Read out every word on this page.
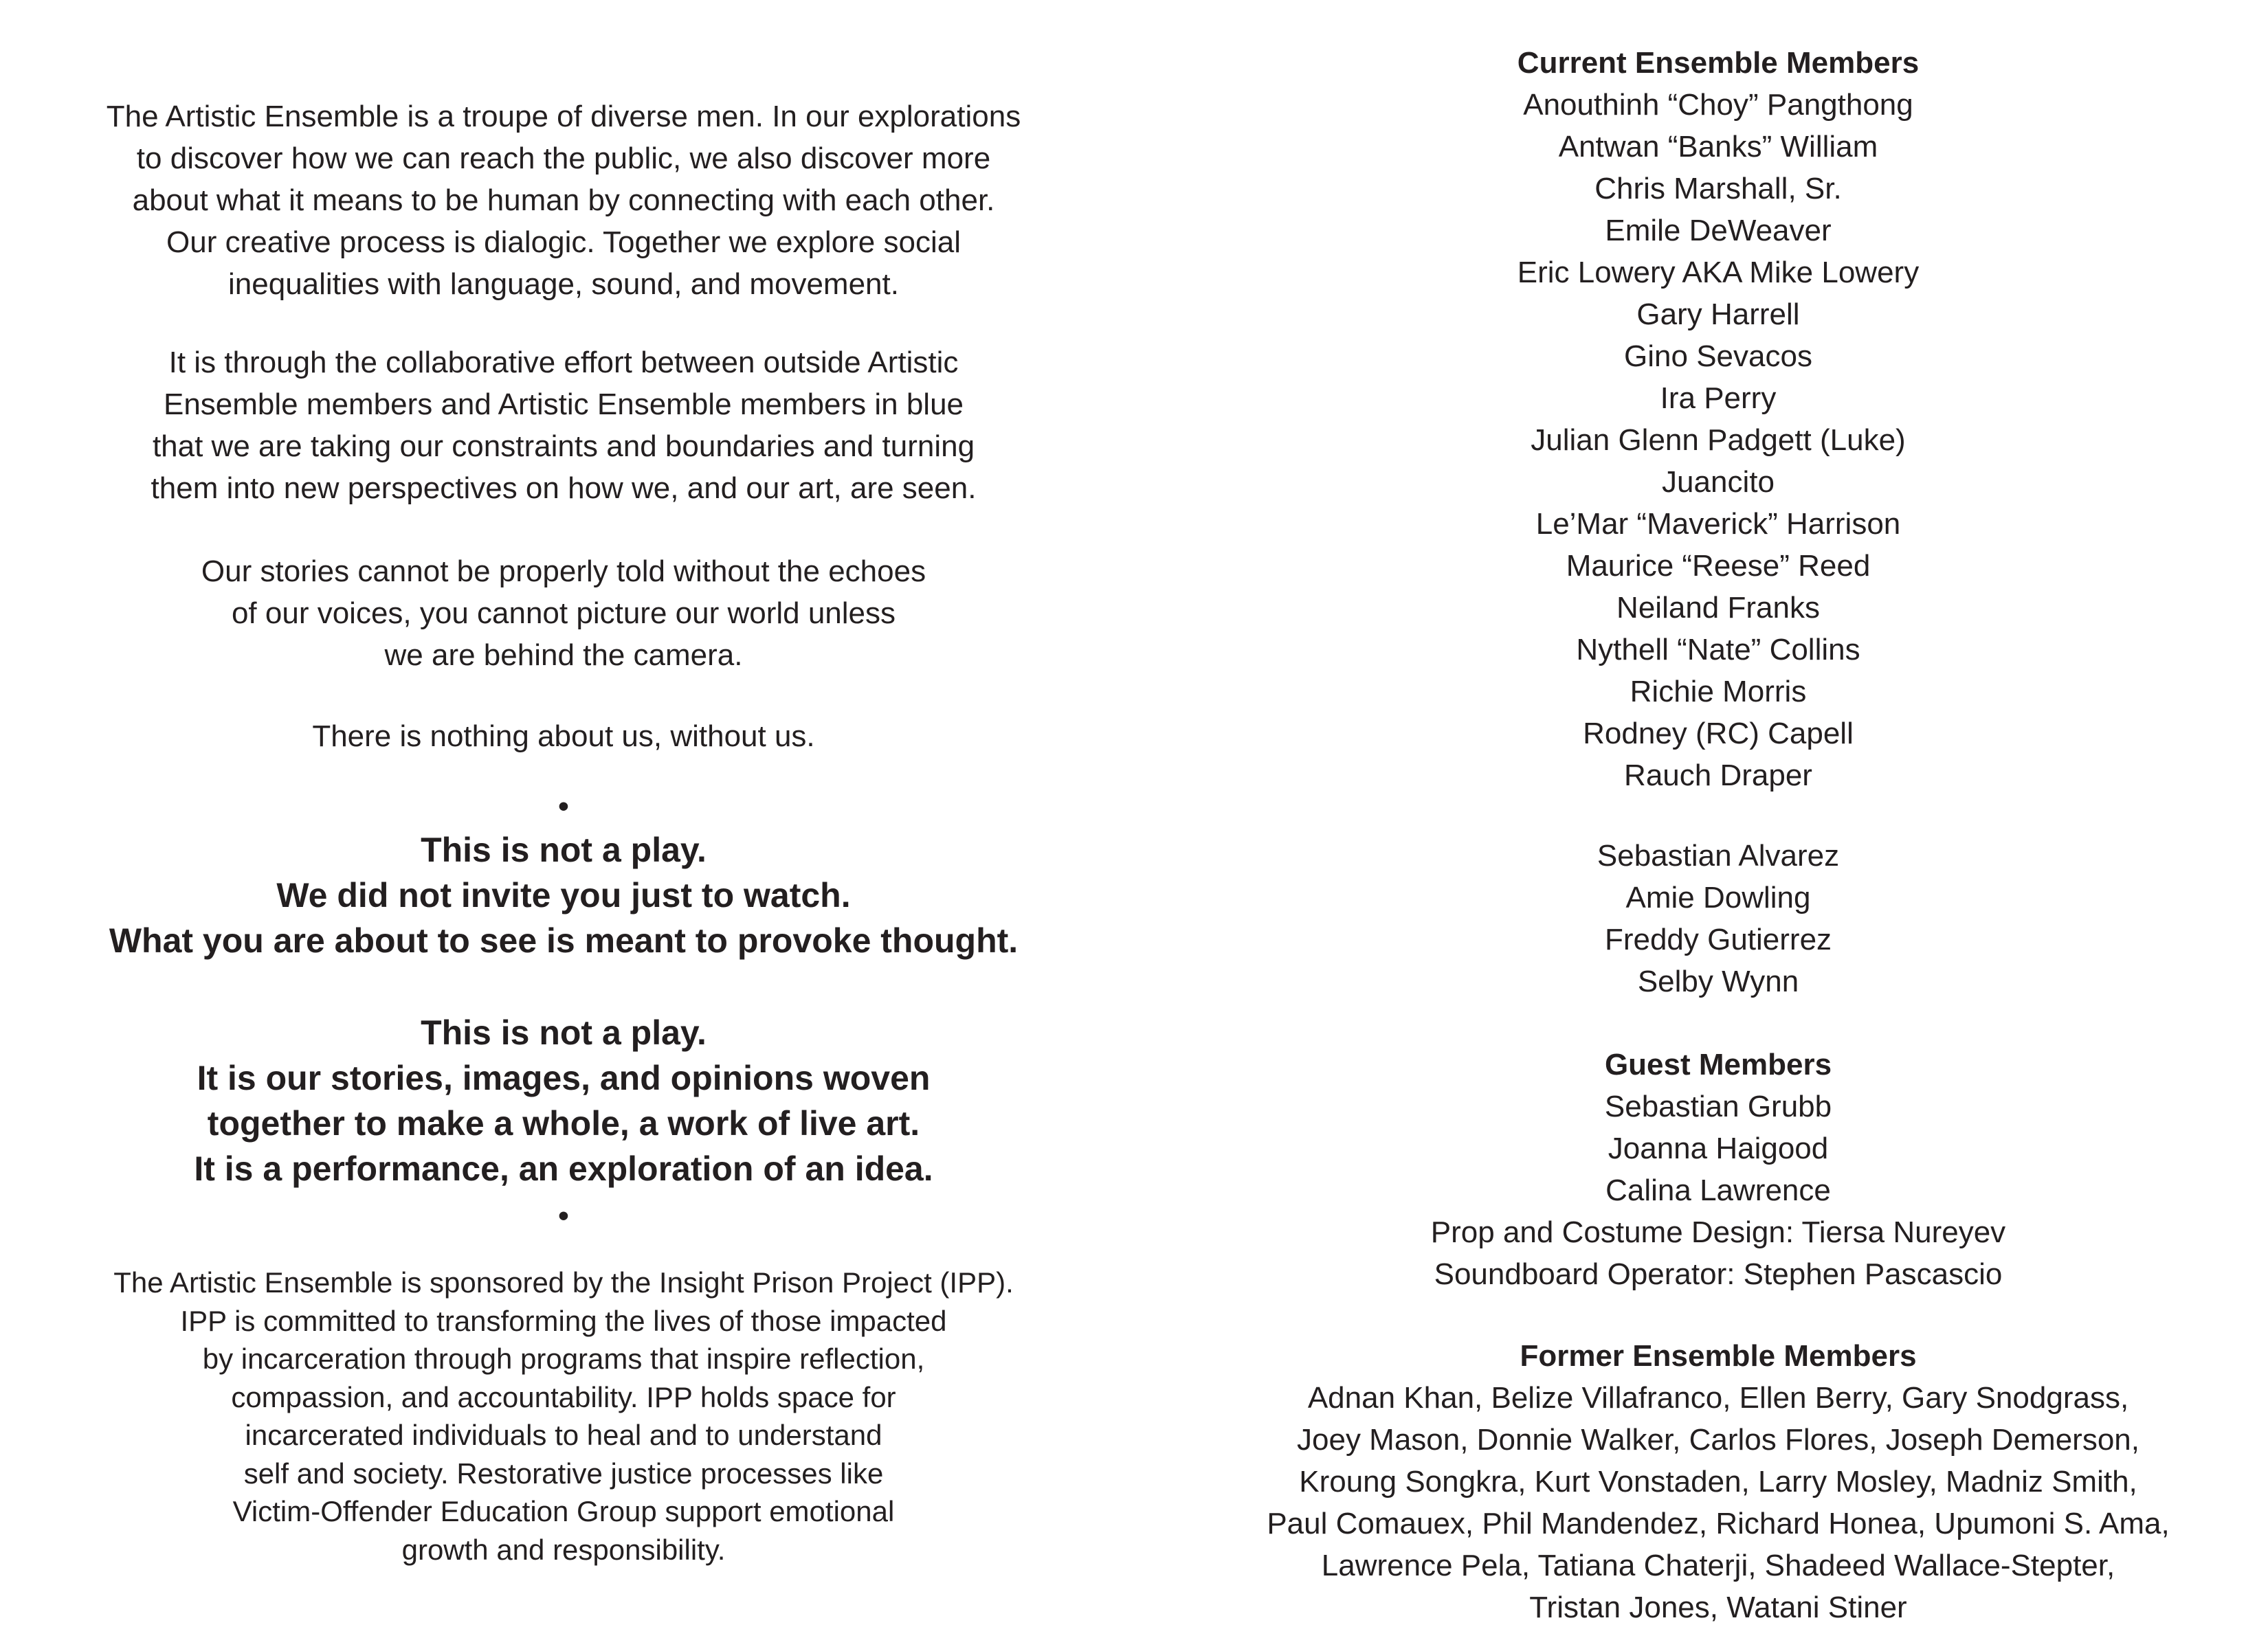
The Artistic Ensemble is a troupe of diverse men. In our explorations
to discover how we can reach the public, we also discover more
about what it means to be human by connecting with each other.
Our creative process is dialogic. Together we explore social
inequalities with language, sound, and movement.
It is through the collaborative effort between outside Artistic
Ensemble members and Artistic Ensemble members in blue
that we are taking our constraints and boundaries and turning
them into new perspectives on how we, and our art, are seen.
Our stories cannot be properly told without the echoes
of our voices, you cannot picture our world unless
we are behind the camera.
There is nothing about us, without us.
•
This is not a play.
We did not invite you just to watch.
What you are about to see is meant to provoke thought.
This is not a play.
It is our stories, images, and opinions woven
together to make a whole, a work of live art.
It is a performance, an exploration of an idea.
•
The Artistic Ensemble is sponsored by the Insight Prison Project (IPP).
IPP is committed to transforming the lives of those impacted
by incarceration through programs that inspire reflection,
compassion, and accountability. IPP holds space for
incarcerated individuals to heal and to understand
self and society. Restorative justice processes like
Victim-Offender Education Group support emotional
growth and responsibility.
Current Ensemble Members
Anouthinh “Choy” Pangthong
Antwan “Banks” William
Chris Marshall, Sr.
Emile DeWeaver
Eric Lowery AKA Mike Lowery
Gary Harrell
Gino Sevacos
Ira Perry
Julian Glenn Padgett (Luke)
Juancito
Le’Mar “Maverick” Harrison
Maurice “Reese” Reed
Neiland Franks
Nythell “Nate” Collins
Richie Morris
Rodney (RC) Capell
Rauch Draper
Sebastian Alvarez
Amie Dowling
Freddy Gutierrez
Selby Wynn
Guest Members
Sebastian Grubb
Joanna Haigood
Calina Lawrence
Prop and Costume Design: Tiersa Nureyev
Soundboard Operator: Stephen Pascascio
Former Ensemble Members
Adnan Khan, Belize Villafranco, Ellen Berry, Gary Snodgrass,
Joey Mason, Donnie Walker, Carlos Flores, Joseph Demerson,
Kroung Songkra, Kurt Vonstaden, Larry Mosley, Madniz Smith,
Paul Comauex, Phil Mandendez, Richard Honea, Upumoni S. Ama,
Lawrence Pela, Tatiana Chaterji, Shadeed Wallace-Stepter,
Tristan Jones, Watani Stiner
